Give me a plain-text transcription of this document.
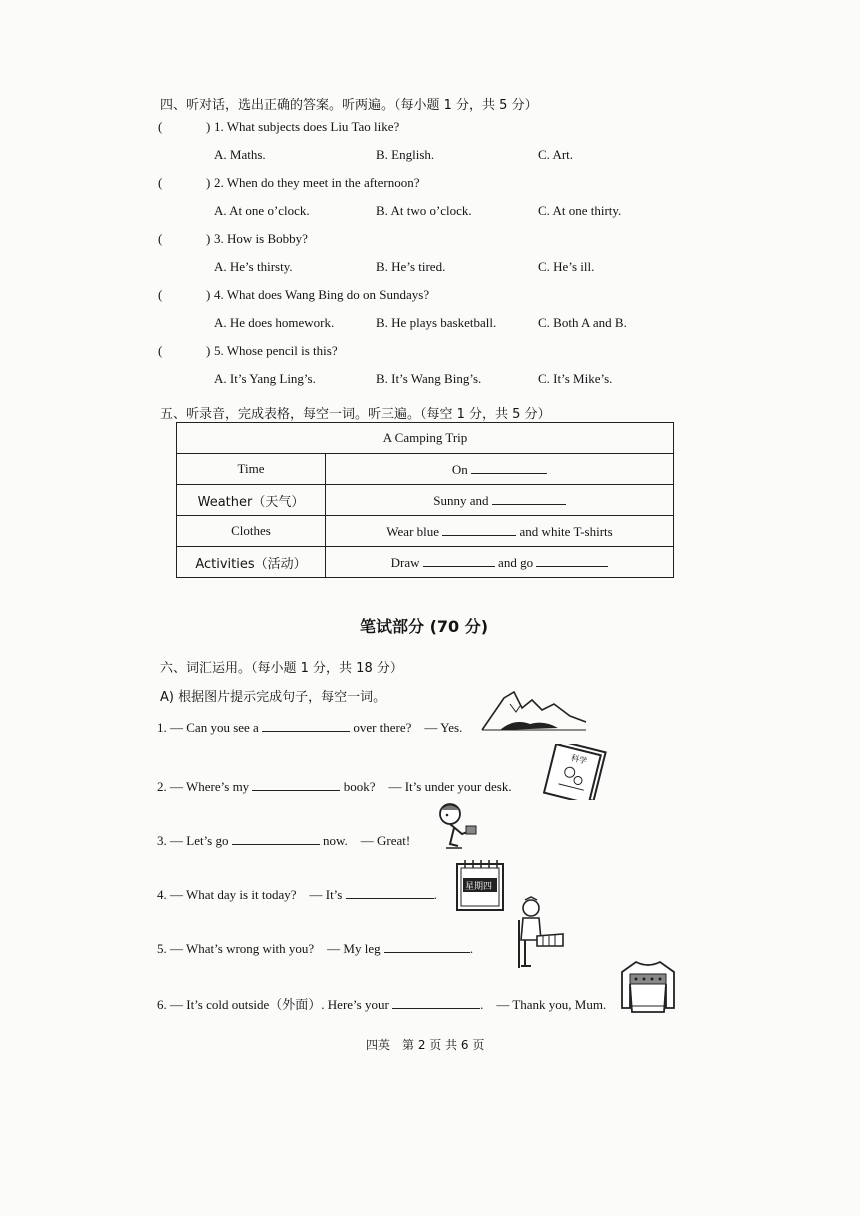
四、听对话，选出正确的答案。听两遍。（每小题 1 分，共 5 分）
(	) 1. What subjects does Liu Tao like?
A. Maths.	B. English.	C. Art.
(	) 2. When do they meet in the afternoon?
A. At one o’clock.	B. At two o’clock.	C. At one thirty.
(	) 3. How is Bobby?
A. He’s thirsty.	B. He’s tired.	C. He’s ill.
(	) 4. What does Wang Bing do on Sundays?
A. He does homework.	B. He plays basketball.	C. Both A and B.
(	) 5. Whose pencil is this?
A. It’s Yang Ling’s.	B. It’s Wang Bing’s.	C. It’s Mike’s.
五、听录音，完成表格，每空一词。听三遍。（每空 1 分，共 5 分）
A Camping Trip	
Time	On
Weather（天气）	Sunny and
Clothes	Wear blue and white T-shirts
Activities（活动）	Draw and go
笔试部分 (70 分)
六、词汇运用。（每小题 1 分，共 18 分）
A) 根据图片提示完成句子，每空一词。
1. — Can you see a	over there?　— Yes.
2. — Where’s my	book?　— It’s under your desk.
3. — Let’s go	now.　— Great!
4. — What day is it today?　— It’s	.
5. — What’s wrong with you?　— My leg	.
6. — It’s cold outside（外面）. Here’s your	.　— Thank you, Mum.
科学
星期四
四英　第 2 页 共 6 页
